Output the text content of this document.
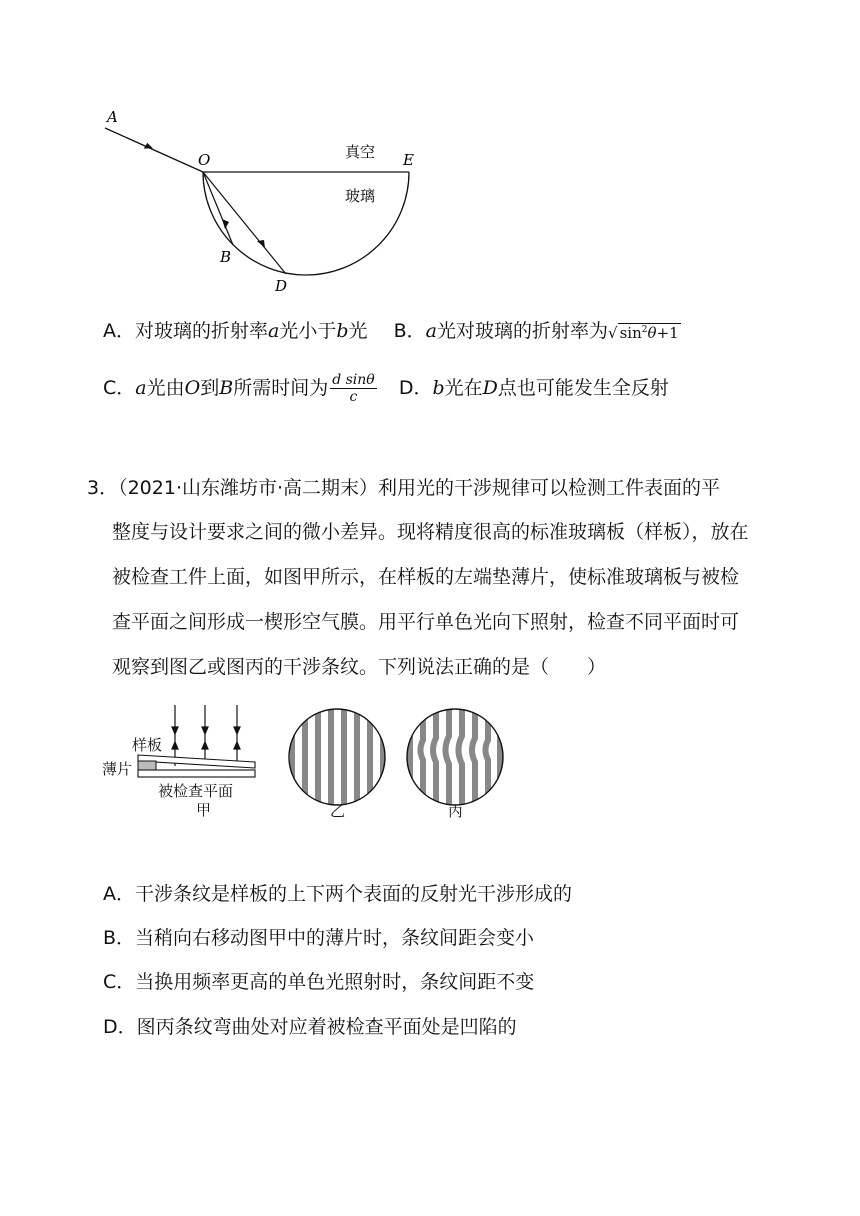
A
O	E
B
D
真空
玻璃
A．对玻璃的折射率a光小于b光 B．a光对玻璃的折射率为√ $\sin^2\theta+1$
C．a光由O到B所需时间为 $\frac{\text{d sinθ}}{c}$ D．b光在D点也可能发生全反射
3．（2021·山东潍坊市·高二期末）利用光的干涉规律可以检测工件表面的平
整度与设计要求之间的微小差异。现将精度很高的标准玻璃板（样板），放在
被检查工件上面，如图甲所示，在样板的左端垫薄片，使标准玻璃板与被检
查平面之间形成一楔形空气膜。用平行单色光向下照射，检查不同平面时可
观察到图乙或图丙的干涉条纹。下列说法正确的是（　　）
样板
薄片
被检查平面
甲	乙	丙
A．干涉条纹是样板的上下两个表面的反射光干涉形成的
B．当稍向右移动图甲中的薄片时，条纹间距会变小
C．当换用频率更高的单色光照射时，条纹间距不变
D．图丙条纹弯曲处对应着被检查平面处是凹陷的
